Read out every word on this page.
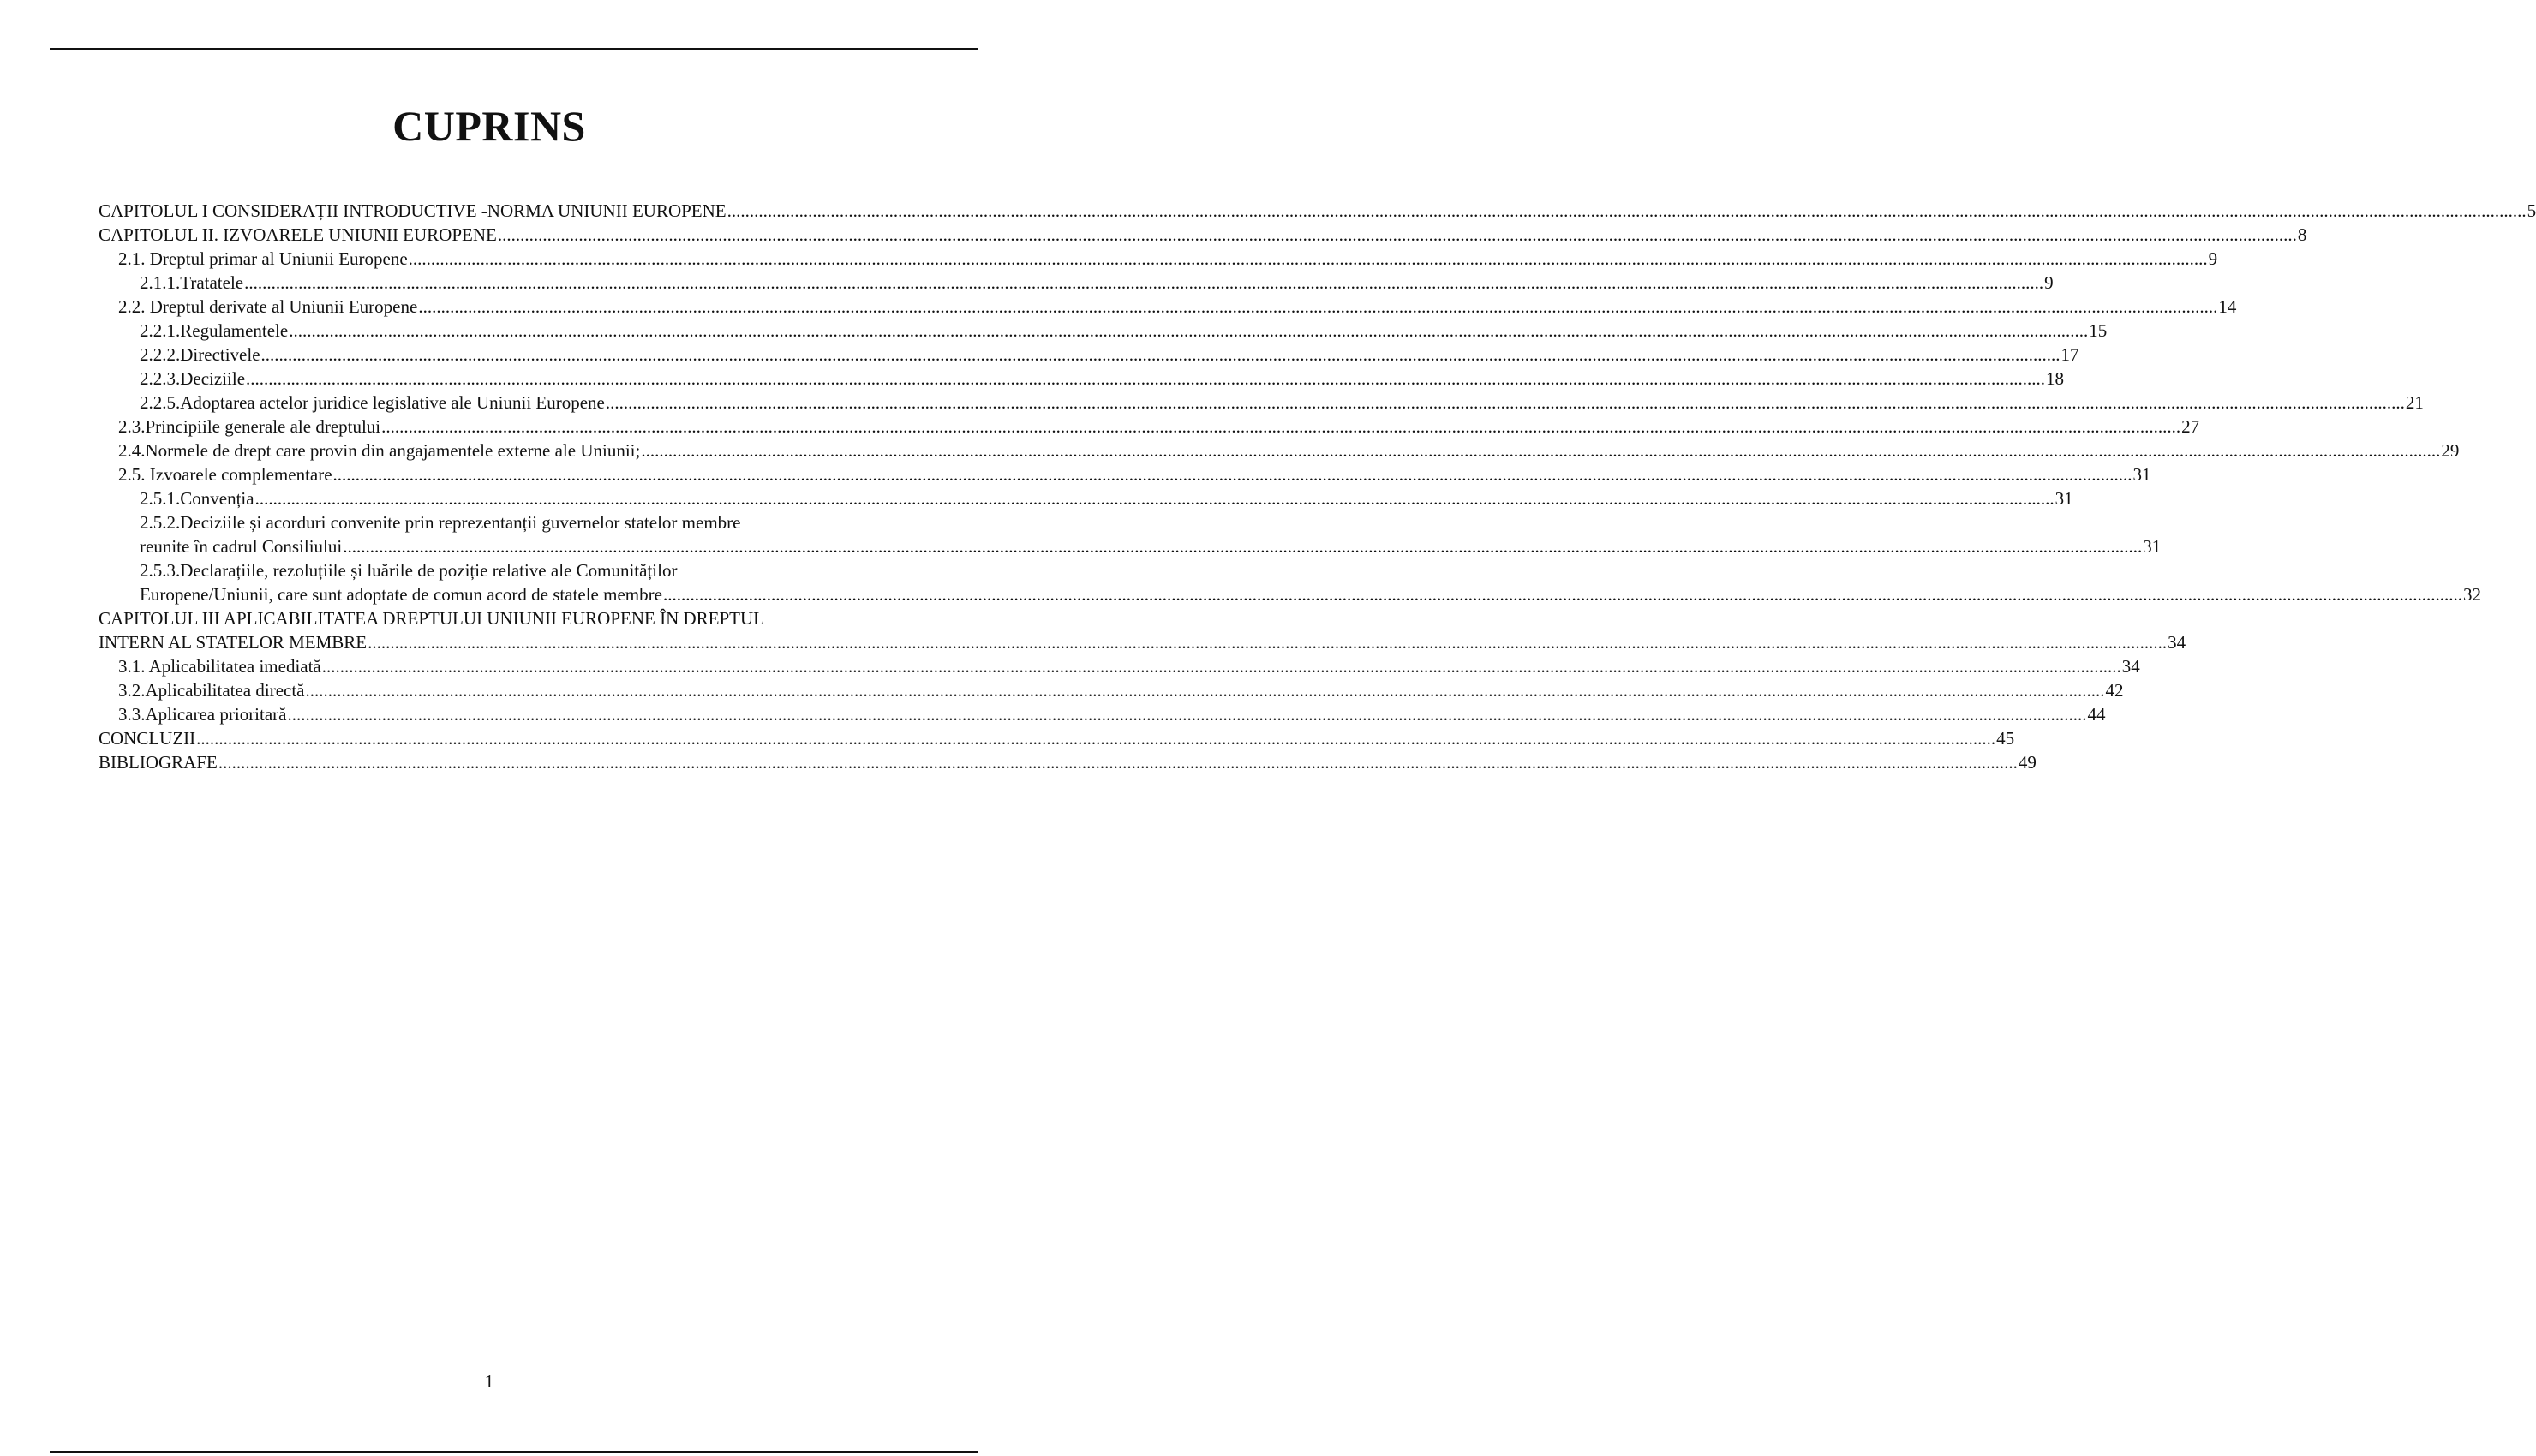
CUPRINS
CAPITOLUL I CONSIDERAȚII INTRODUCTIVE -NORMA UNIUNII EUROPENE ................................................................................................................................................................................................................................................................................................................................................................................................................ 5
CAPITOLUL II. IZVOARELE UNIUNII EUROPENE ................................................................................................................................................................................................................................................................................................................................................................................................................ 8
2.1. Dreptul primar al Uniunii Europene ................................................................................................................................................................................................................................................................................................................................................................................................................ 9
2.1.1.Tratatele ................................................................................................................................................................................................................................................................................................................................................................................................................ 9
2.2. Dreptul derivate al Uniunii Europene ................................................................................................................................................................................................................................................................................................................................................................................................................ 14
2.2.1.Regulamentele ................................................................................................................................................................................................................................................................................................................................................................................................................ 15
2.2.2.Directivele ................................................................................................................................................................................................................................................................................................................................................................................................................ 17
2.2.3.Deciziile ................................................................................................................................................................................................................................................................................................................................................................................................................ 18
2.2.5.Adoptarea actelor juridice legislative ale Uniunii Europene ................................................................................................................................................................................................................................................................................................................................................................................................................ 21
2.3.Principiile generale ale dreptului ................................................................................................................................................................................................................................................................................................................................................................................................................ 27
2.4.Normele de drept care provin din angajamentele externe ale Uniunii; ................................................................................................................................................................................................................................................................................................................................................................................................................ 29
2.5. Izvoarele complementare ................................................................................................................................................................................................................................................................................................................................................................................................................ 31
2.5.1.Convenția ................................................................................................................................................................................................................................................................................................................................................................................................................ 31
2.5.2.Deciziile și acorduri convenite prin reprezentanții guvernelor statelor membre
reunite în cadrul Consiliului ................................................................................................................................................................................................................................................................................................................................................................................................................ 31
2.5.3.Declarațiile, rezoluțiile și luările de poziție relative ale Comunităților
Europene/Uniunii, care sunt adoptate de comun acord de statele membre ................................................................................................................................................................................................................................................................................................................................................................................................................ 32
CAPITOLUL III APLICABILITATEA DREPTULUI UNIUNII EUROPENE ÎN DREPTUL
INTERN AL STATELOR MEMBRE ................................................................................................................................................................................................................................................................................................................................................................................................................ 34
3.1. Aplicabilitatea imediată ................................................................................................................................................................................................................................................................................................................................................................................................................ 34
3.2.Aplicabilitatea directă ................................................................................................................................................................................................................................................................................................................................................................................................................ 42
3.3.Aplicarea prioritară ................................................................................................................................................................................................................................................................................................................................................................................................................ 44
CONCLUZII ................................................................................................................................................................................................................................................................................................................................................................................................................ 45
BIBLIOGRAFE ................................................................................................................................................................................................................................................................................................................................................................................................................ 49
1
